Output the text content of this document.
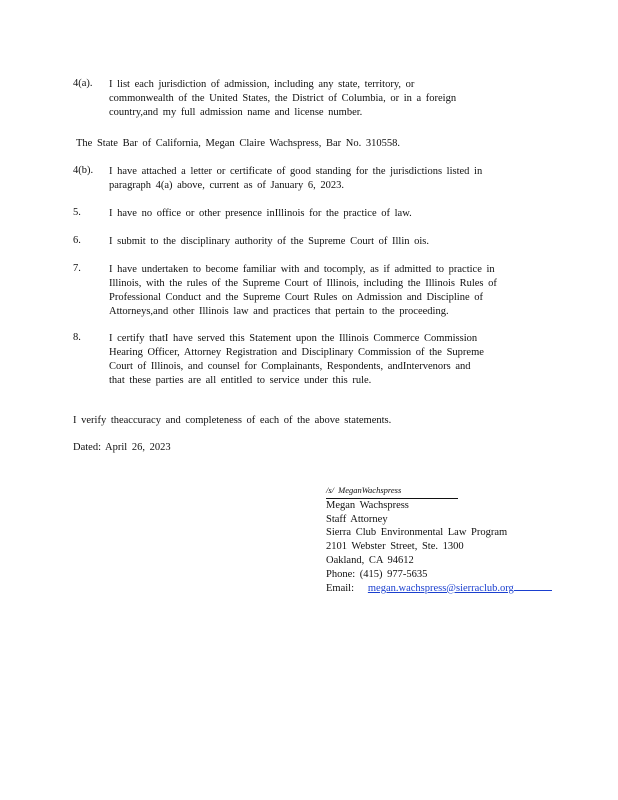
4(a). I list each jurisdiction of admission, including any state, territory, or
commonwealth of the United States, the District of Columbia, or in a foreign
country,and my full admission name and license number.
The State Bar of California, Megan Claire Wachspress, Bar No. 310558.
4(b). I have attached a letter or certificate of good standing for the jurisdictions listed in
paragraph 4(a) above, current as of January 6, 2023.
5.	I have no office or other presence inIllinois for the practice of law.
6.	I submit to the disciplinary authority of the Supreme Court of Illin ois.
7.	I have undertaken to become familiar with and tocomply, as if admitted to practice in
Illinois, with the rules of the Supreme Court of Illinois, including the Illinois Rules of
Professional Conduct and the Supreme Court Rules on Admission and Discipline of
Attorneys,and other Illinois law and practices that pertain to the proceeding.
8.	I certify thatI have served this Statement upon the Illinois Commerce Commission
Hearing Officer, Attorney Registration and Disciplinary Commission of the Supreme
Court of Illinois, and counsel for Complainants, Respondents, andIntervenors and
that these parties are all entitled to service under this rule.
I verify theaccuracy and completeness of each of the above statements.
Dated: April 26, 2023
/s/ MeganWachspress
Megan Wachspress
Staff Attorney
Sierra Club Environmental Law Program
2101 Webster Street, Ste. 1300
Oakland, CA 94612
Phone: (415) 977-5635
Email: megan.wachspress@sierraclub.org
